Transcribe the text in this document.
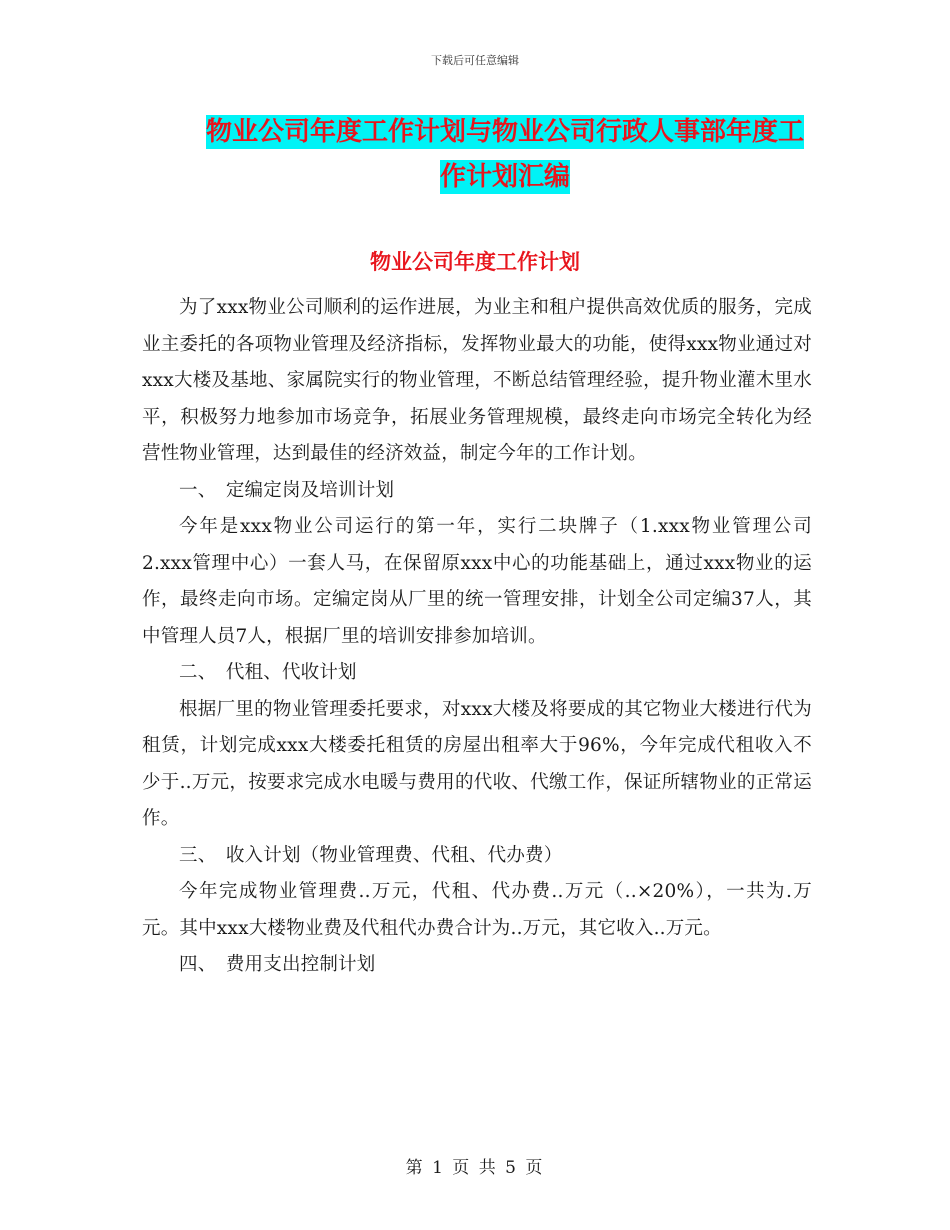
下载后可任意编辑
物业公司年度工作计划与物业公司行政人事部年度工
作计划汇编
物业公司年度工作计划

为了xxx物业公司顺利的运作进展，为业主和租户提供高效优质的服务，完成业主委托的各项物业管理及经济指标，发挥物业最大的功能，使得xxx物业通过对xxx大楼及基地、家属院实行的物业管理，不断总结管理经验，提升物业灌木里水平，积极努力地参加市场竞争，拓展业务管理规模，最终走向市场完全转化为经营性物业管理，达到最佳的经济效益，制定今年的工作计划。

一、　定编定岗及培训计划

今年是xxx物业公司运行的第一年，实行二块牌子（1.xxx物业管理公司　2.xxx管理中心）一套人马，在保留原xxx中心的功能基础上，通过xxx物业的运作，最终走向市场。定编定岗从厂里的统一管理安排，计划全公司定编37人，其中管理人员7人，根据厂里的培训安排参加培训。

二、　代租、代收计划

根据厂里的物业管理委托要求，对xxx大楼及将要成的其它物业大楼进行代为租赁，计划完成xxx大楼委托租赁的房屋出租率大于96%，今年完成代租收入不少于..万元，按要求完成水电暖与费用的代收、代缴工作，保证所辖物业的正常运作。

三、　收入计划（物业管理费、代租、代办费）

今年完成物业管理费..万元，代租、代办费..万元（..×20%），一共为.万元。其中xxx大楼物业费及代租代办费合计为..万元，其它收入..万元。

四、　费用支出控制计划

第 1 页 共 5 页
